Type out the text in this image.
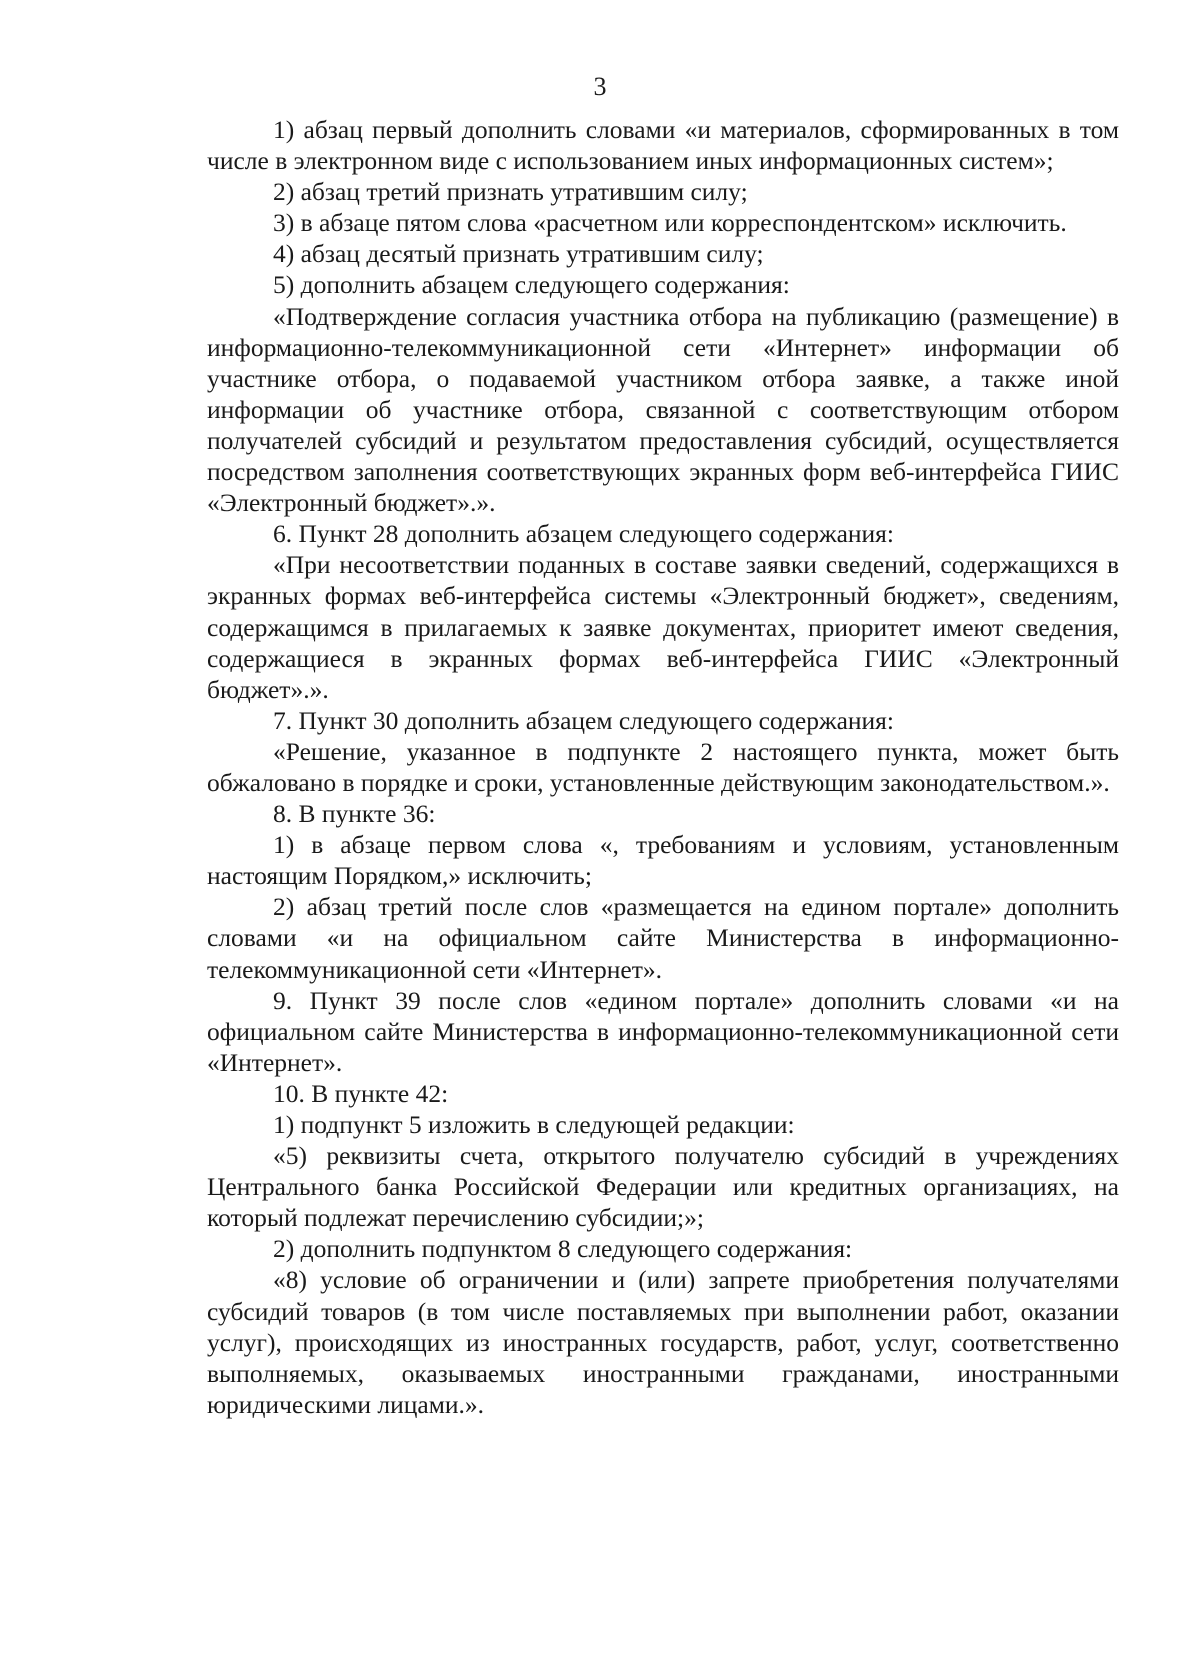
3

1) абзац первый дополнить словами «и материалов, сформированных в том числе в электронном виде с использованием иных информационных систем»;

2) абзац третий признать утратившим силу;

3) в абзаце пятом слова «расчетном или корреспондентском» исключить.

4) абзац десятый признать утратившим силу;

5) дополнить абзацем следующего содержания:

«Подтверждение согласия участника отбора на публикацию (размещение) в информационно-телекоммуникационной сети «Интернет» информации об участнике отбора, о подаваемой участником отбора заявке, а также иной информации об участнике отбора, связанной с соответствующим отбором получателей субсидий и результатом предоставления субсидий, осуществляется посредством заполнения соответствующих экранных форм веб-интерфейса ГИИС «Электронный бюджет».».

6. Пункт 28 дополнить абзацем следующего содержания:

«При несоответствии поданных в составе заявки сведений, содержащихся в экранных формах веб-интерфейса системы «Электронный бюджет», сведениям, содержащимся в прилагаемых к заявке документах, приоритет имеют сведения, содержащиеся в экранных формах веб-интерфейса ГИИС «Электронный бюджет».».

7. Пункт 30 дополнить абзацем следующего содержания:

«Решение, указанное в подпункте 2 настоящего пункта, может быть обжаловано в порядке и сроки, установленные действующим законодательством.».

8. В пункте 36:

1) в абзаце первом слова «, требованиям и условиям, установленным настоящим Порядком,» исключить;

2) абзац третий после слов «размещается на едином портале» дополнить словами «и на официальном сайте Министерства в информационно-телекоммуникационной сети «Интернет».

9. Пункт 39 после слов «едином портале» дополнить словами «и на официальном сайте Министерства в информационно-телекоммуникационной сети «Интернет».

10. В пункте 42:

1) подпункт 5 изложить в следующей редакции:

«5) реквизиты счета, открытого получателю субсидий в учреждениях Центрального банка Российской Федерации или кредитных организациях, на который подлежат перечислению субсидии;»;

2) дополнить подпунктом 8 следующего содержания:

«8) условие об ограничении и (или) запрете приобретения получателями субсидий товаров (в том числе поставляемых при выполнении работ, оказании услуг), происходящих из иностранных государств, работ, услуг, соответственно выполняемых, оказываемых иностранными гражданами, иностранными юридическими лицами.».
